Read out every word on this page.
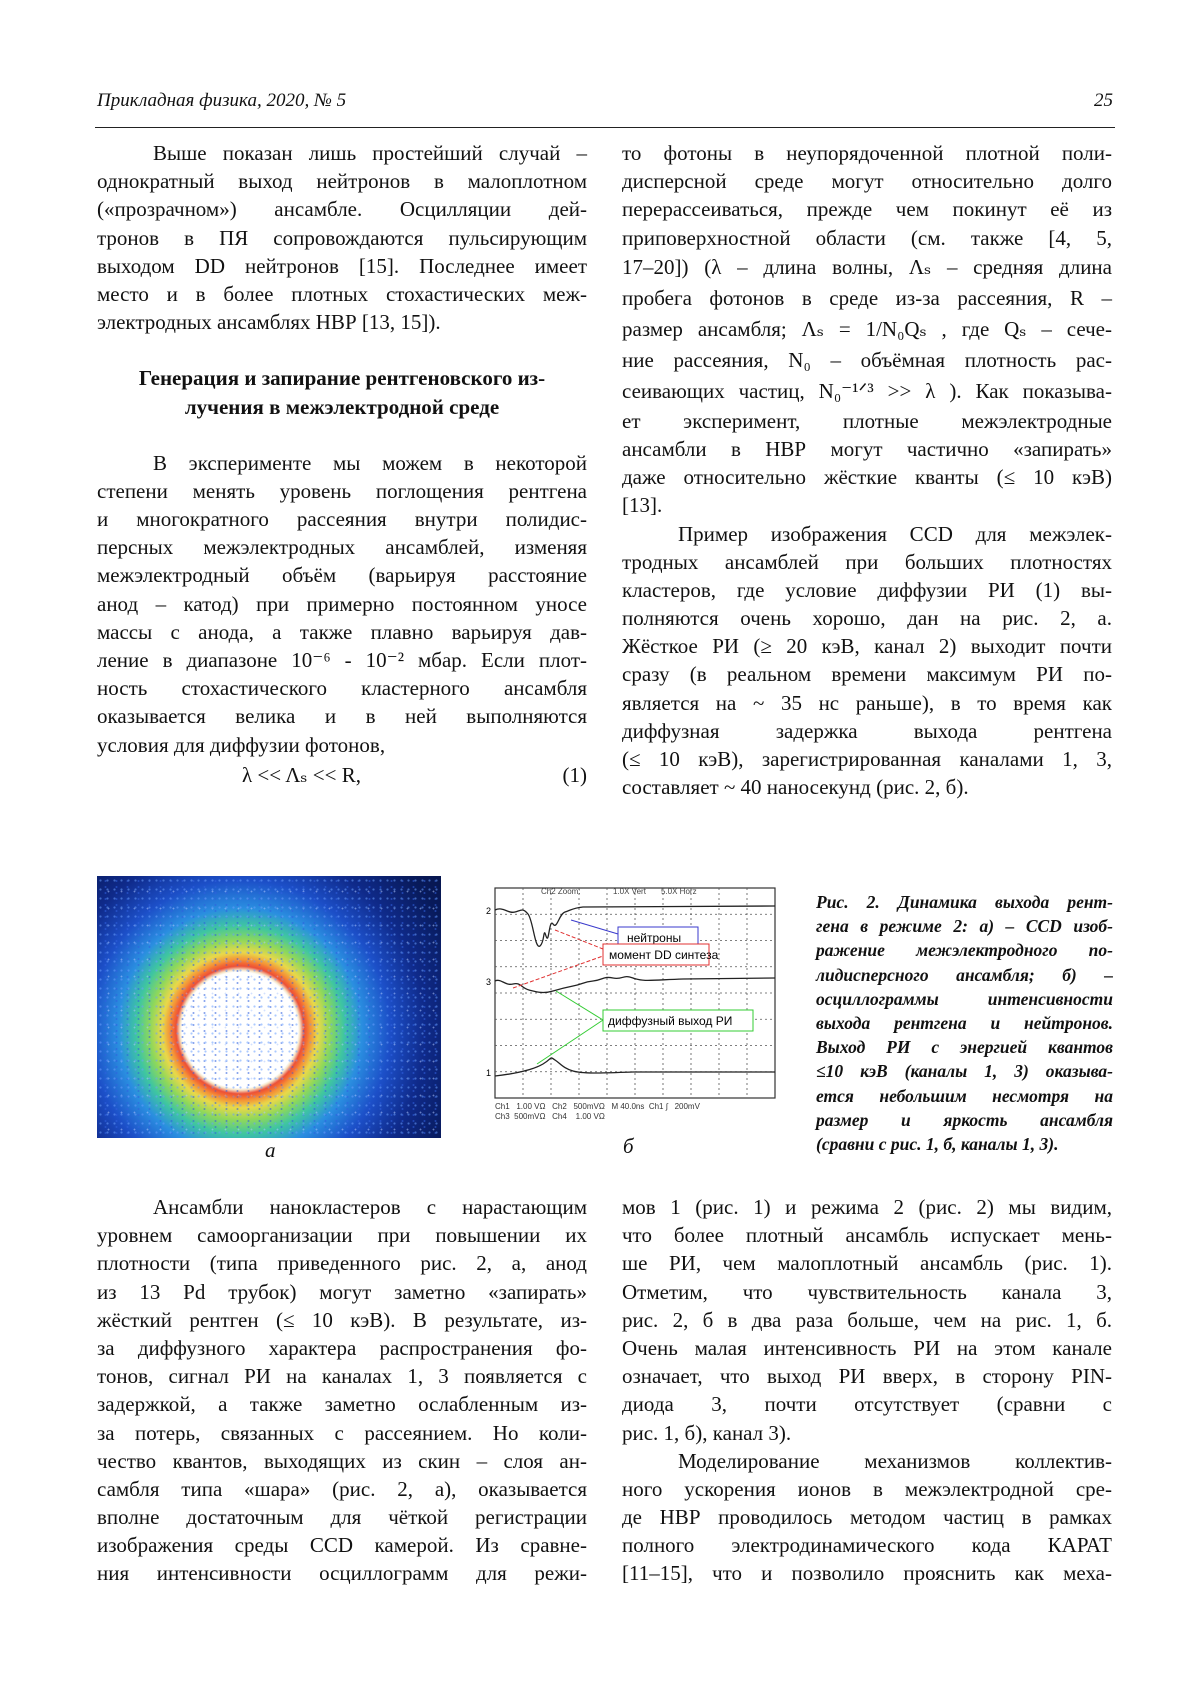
Прикладная физика, 2020, № 5	25
Выше показан лишь простейший случай –
однократный выход нейтронов в малоплотном
(«прозрачном») ансамбле. Осцилляции дей-
тронов в ПЯ сопровождаются пульсирующим
выходом DD нейтронов [15]. Последнее имеет
место и в более плотных стохастических меж-
электродных ансамблях НВР [13, 15]).
Генерация и запирание рентгеновского из-
лучения в межэлектродной среде
В эксперименте мы можем в некоторой
степени менять уровень поглощения рентгена
и многократного рассеяния внутри полидис-
персных межэлектродных ансамблей, изменяя
межэлектродный объём (варьируя расстояние
анод – катод) при примерно постоянном уносе
массы с анода, а также плавно варьируя дав-
ление в диапазоне 10⁻⁶ - 10⁻² мбар. Если плот-
ность стохастического кластерного ансамбля
оказывается велика и в ней выполняются
условия для диффузии фотонов,
λ << Λₛ << R,	(1)
то фотоны в неупорядоченной плотной поли-
дисперсной среде могут относительно долго
перерассеиваться, прежде чем покинут её из
приповерхностной области (см. также [4, 5,
17–20]) (λ – длина волны, Λₛ – средняя длина
пробега фотонов в среде из-за рассеяния, R –
размер ансамбля; Λₛ = 1/N₀Qₛ , где Qₛ – сече-
ние рассеяния, N₀ – объёмная плотность рас-
сеивающих частиц, N₀⁻¹ᐟ³ >> λ ). Как показыва-
ет эксперимент, плотные межэлектродные
ансамбли в НВР могут частично «запирать»
даже относительно жёсткие кванты (≤ 10 кэВ)
[13].
Пример изображения CCD для межэлек-
тродных ансамблей при больших плотностях
кластеров, где условие диффузии РИ (1) вы-
полняются очень хорошо, дан на рис. 2, а.
Жёсткое РИ (≥ 20 кэВ, канал 2) выходит почти
сразу (в реальном времени максимум РИ по-
является на ~ 35 нс раньше), в то время как
диффузная задержка выхода рентгена
(≤ 10 кэВ), зарегистрированная каналами 1, 3,
составляет ~ 40 наносекунд (рис. 2, б).
а
2
3
1
Ch2 Zoom:	1.0X Vert 5.0X Horz
нейтроны
момент DD синтеза
диффузный выход РИ
Ch1   1.00 VΩ   Ch2   500mVΩ   M 40.0ns  Ch1 ∫   200mV
Ch3  500mVΩ   Ch4    1.00 VΩ
б
Рис. 2. Динамика выхода рент-
гена в режиме 2: а) – CCD изоб-
ражение межэлектродного по-
лидисперсного ансамбля; б) –
осциллограммы интенсивности
выхода рентгена и нейтронов.
Выход РИ с энергией квантов
≤10 кэВ (каналы 1, 3) оказыва-
ется небольшим несмотря на
размер и яркость ансамбля
(сравни с рис. 1, б, каналы 1, 3).
Ансамбли нанокластеров с нарастающим
уровнем самоорганизации при повышении их
плотности (типа приведенного рис. 2, а, анод
из 13 Pd трубок) могут заметно «запирать»
жёсткий рентген (≤ 10 кэВ). В результате, из-
за диффузного характера распространения фо-
тонов, сигнал РИ на каналах 1, 3 появляется с
задержкой, а также заметно ослабленным из-
за потерь, связанных с рассеянием. Но коли-
чество квантов, выходящих из скин – слоя ан-
самбля типа «шара» (рис. 2, а), оказывается
вполне достаточным для чёткой регистрации
изображения среды CCD камерой. Из сравне-
ния интенсивности осциллограмм для режи-
мов 1 (рис. 1) и режима 2 (рис. 2) мы видим,
что более плотный ансамбль испускает мень-
ше РИ, чем малоплотный ансамбль (рис. 1).
Отметим, что чувствительность канала 3,
рис. 2, б в два раза больше, чем на рис. 1, б.
Очень малая интенсивность РИ на этом канале
означает, что выход РИ вверх, в сторону PIN-
диода 3, почти отсутствует (сравни с
рис. 1, б), канал 3).
Моделирование механизмов коллектив-
ного ускорения ионов в межэлектродной сре-
де НВР проводилось методом частиц в рамках
полного электродинамического кода КАРАТ
[11–15], что и позволило прояснить как меха-
